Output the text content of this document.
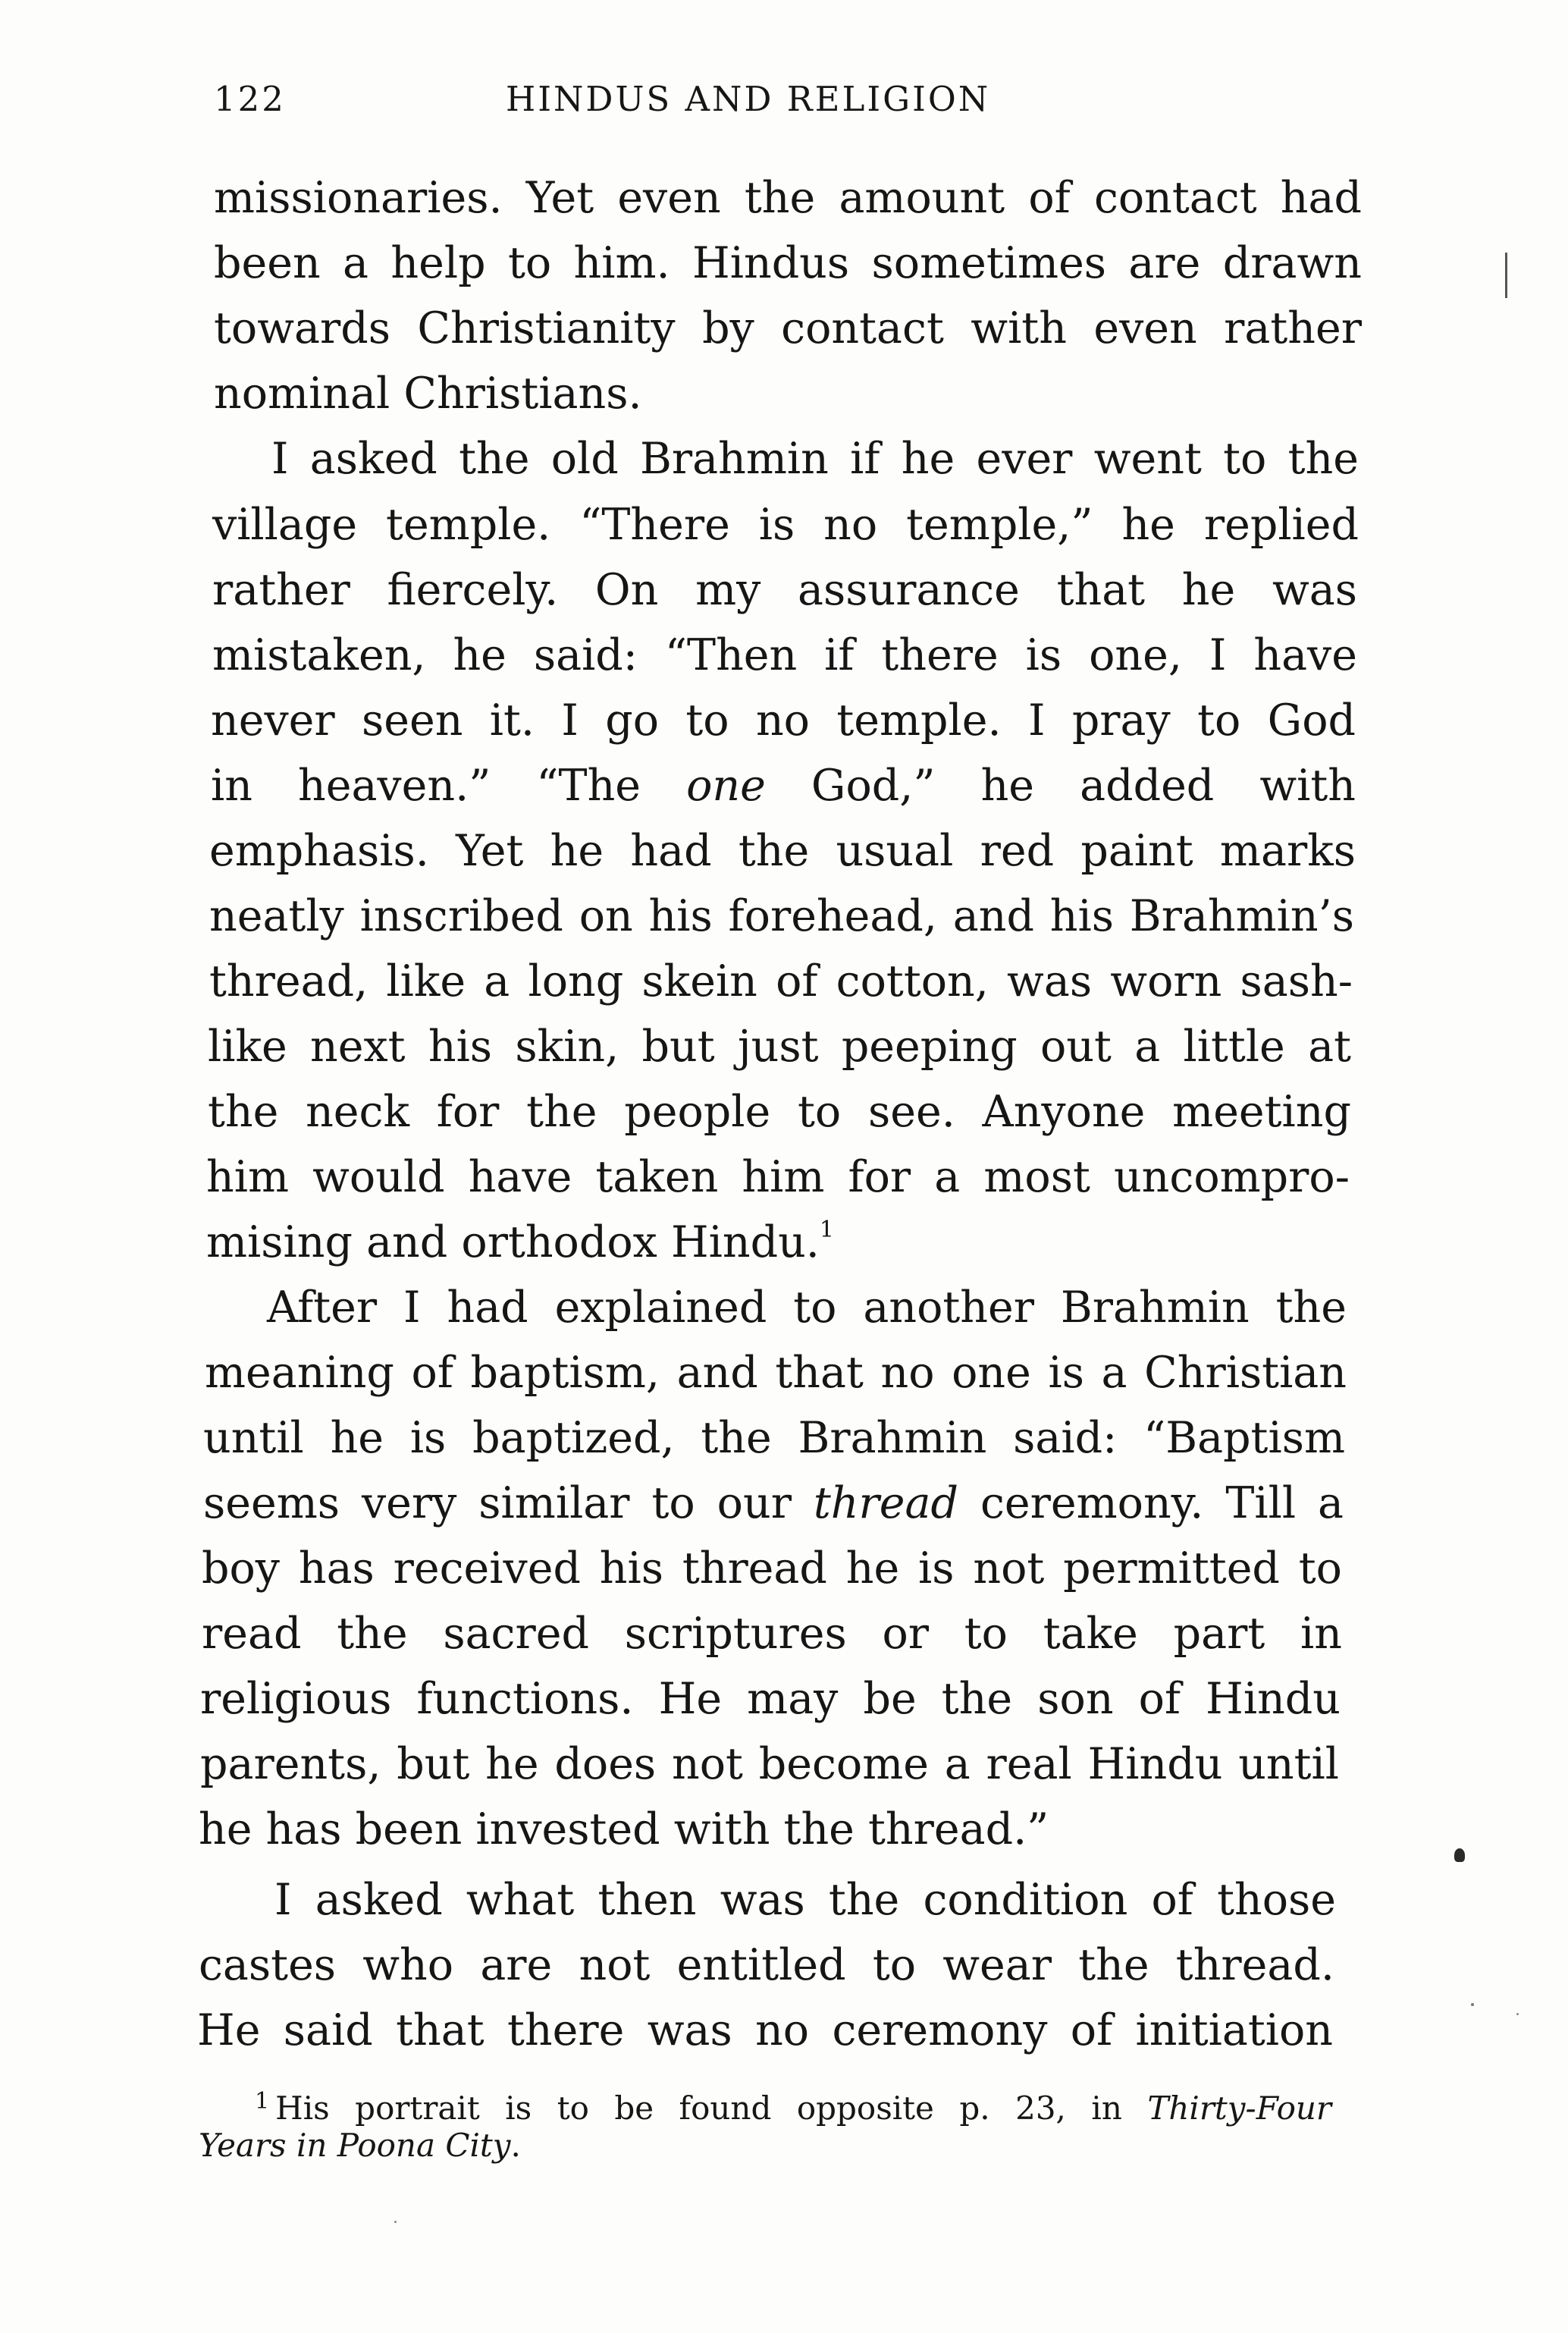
122	HINDUS AND RELIGION
missionaries. Yet even the amount of contact had
been a help to him. Hindus sometimes are drawn
towards Christianity by contact with even rather
nominal Christians.
I asked the old Brahmin if he ever went to the
village temple. “There is no temple,” he replied
rather fiercely. On my assurance that he was
mistaken, he said: “Then if there is one, I have
never seen it. I go to no temple. I pray to God
in heaven.” “The one God,” he added with
emphasis. Yet he had the usual red paint marks
neatly inscribed on his forehead, and his Brahmin’s
thread, like a long skein of cotton, was worn sash-
like next his skin, but just peeping out a little at
the neck for the people to see. Anyone meeting
him would have taken him for a most uncompro-
mising and orthodox Hindu.$^1$
After I had explained to another Brahmin the
meaning of baptism, and that no one is a Christian
until he is baptized, the Brahmin said: “Baptism
seems very similar to our thread ceremony. Till a
boy has received his thread he is not permitted to
read the sacred scriptures or to take part in
religious functions. He may be the son of Hindu
parents, but he does not become a real Hindu until
he has been invested with the thread.”
I asked what then was the condition of those
castes who are not entitled to wear the thread.
He said that there was no ceremony of initiation
$^1$ His portrait is to be found opposite p. 23, in Thirty-Four
Years in Poona City.
